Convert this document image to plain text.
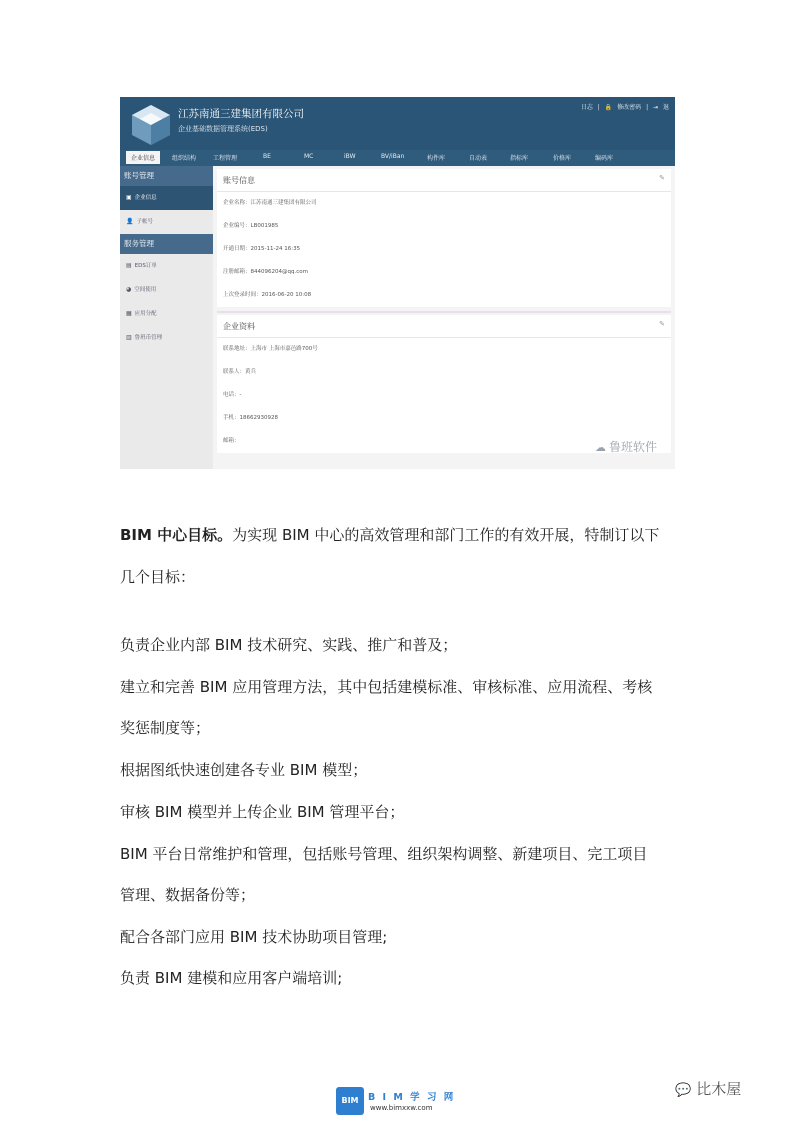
江苏南通三建集团有限公司
企业基础数据管理系统(EDS)
日志 | 🔒 修改密码 | ⇥ 退
企业信息	组织结构	工程管理	BE	MC	iBW	BV/iBan	构件库	自动表	指标库	价格库	编码库
账号管理
▣ 企业信息
👤 子帐号
服务管理
▤ EDS订单
◕ 空间使用
▦ 应用分配
▥ 鲁班币管理
账号信息	✎
企业名称：江苏南通三建集团有限公司
企业编号：LB001985
开通日期：2015-11-24 16:35
注册邮箱：844096204@qq.com
上次登录时间：2016-06-20 10:08
企业资料	✎
联系地址：上海市 上海市嘉邑路700号
联系人：黄兵
电话：-
手机：18662930928
邮箱：	☁ 鲁班软件
BIM 中心目标。为实现 BIM 中心的高效管理和部门工作的有效开展，特制订以下
几个目标：
负责企业内部 BIM 技术研究、实践、推广和普及；
建立和完善 BIM 应用管理方法，其中包括建模标准、审核标准、应用流程、考核
奖惩制度等；
根据图纸快速创建各专业 BIM 模型；
审核 BIM 模型并上传企业 BIM 管理平台；
BIM 平台日常维护和管理，包括账号管理、组织架构调整、新建项目、完工项目
管理、数据备份等；
配合各部门应用 BIM 技术协助项目管理;
负责 BIM 建模和应用客户端培训;
BIM B I M 学 习 网
www.bimxxw.com
💬 比木屋
